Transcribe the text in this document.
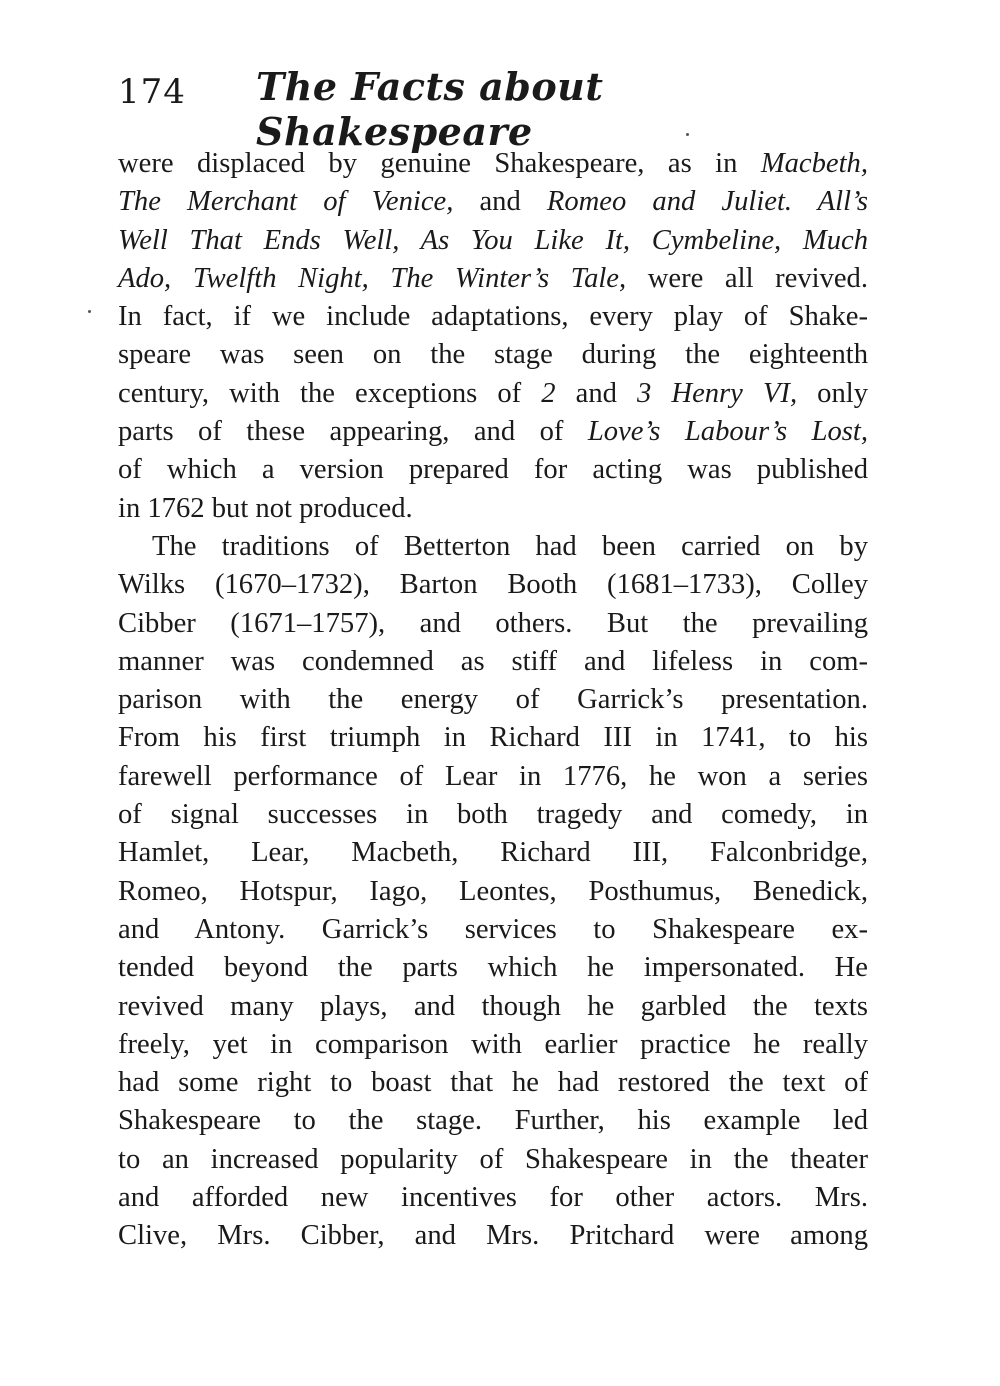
174 The Facts about Shakespeare
were displaced by genuine Shakespeare, as in Macbeth,
The Merchant of Venice, and Romeo and Juliet. All’s
Well That Ends Well, As You Like It, Cymbeline, Much
Ado, Twelfth Night, The Winter’s Tale, were all revived.
In fact, if we include adaptations, every play of Shake-
speare was seen on the stage during the eighteenth
century, with the exceptions of 2 and 3 Henry VI, only
parts of these appearing, and of Love’s Labour’s Lost,
of which a version prepared for acting was published
in 1762 but not produced.
The traditions of Betterton had been carried on by
Wilks (1670–1732), Barton Booth (1681–1733), Colley
Cibber (1671–1757), and others. But the prevailing
manner was condemned as stiff and lifeless in com-
parison with the energy of Garrick’s presentation.
From his first triumph in Richard III in 1741, to his
farewell performance of Lear in 1776, he won a series
of signal successes in both tragedy and comedy, in
Hamlet, Lear, Macbeth, Richard III, Falconbridge,
Romeo, Hotspur, Iago, Leontes, Posthumus, Benedick,
and Antony. Garrick’s services to Shakespeare ex-
tended beyond the parts which he impersonated. He
revived many plays, and though he garbled the texts
freely, yet in comparison with earlier practice he really
had some right to boast that he had restored the text of
Shakespeare to the stage. Further, his example led
to an increased popularity of Shakespeare in the theater
and afforded new incentives for other actors. Mrs.
Clive, Mrs. Cibber, and Mrs. Pritchard were among
